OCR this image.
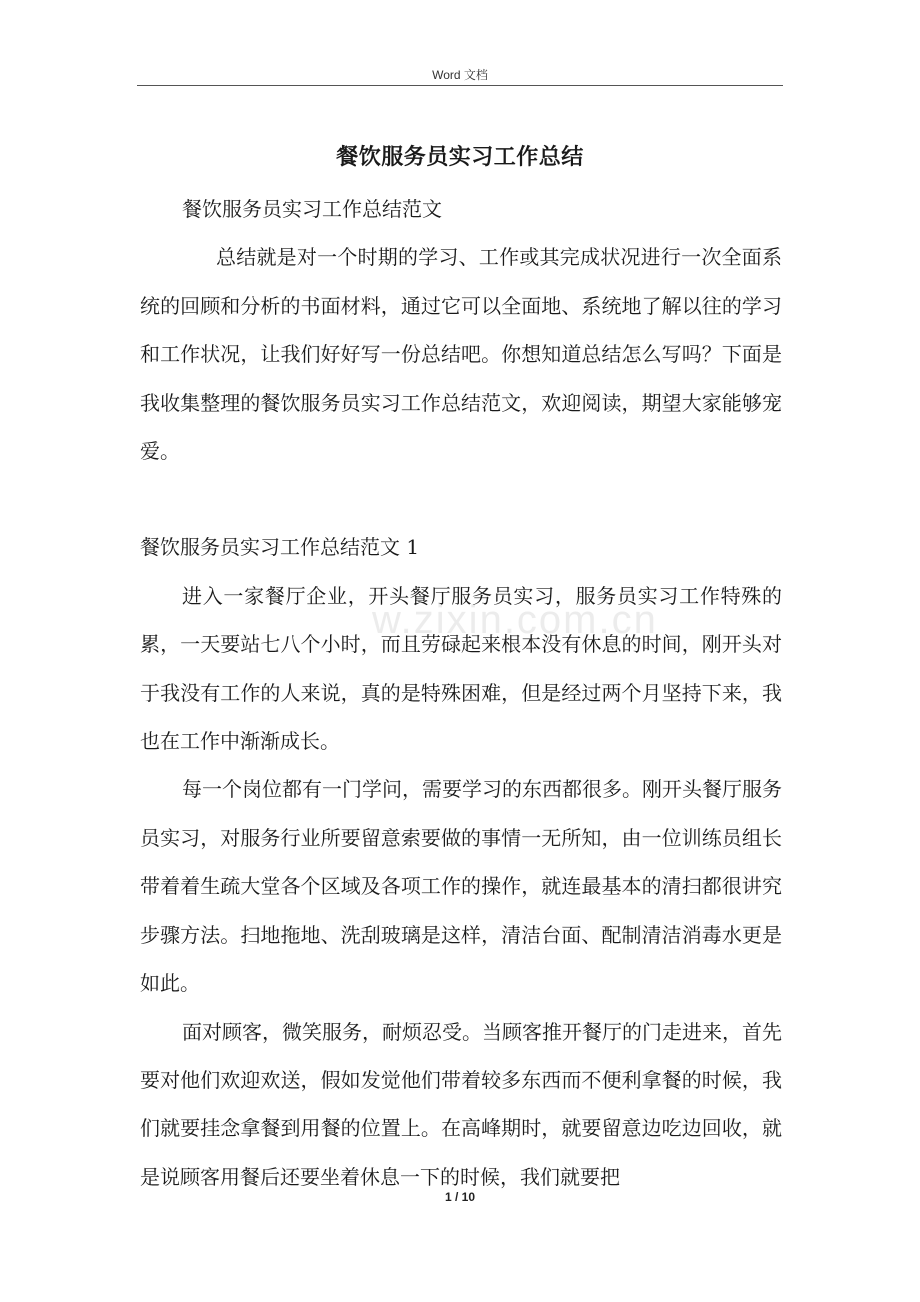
Word 文档
餐饮服务员实习工作总结
w.zixin.com.cn

餐饮服务员实习工作总结范文

总结就是对一个时期的学习、工作或其完成状况进行一次全面系统的回顾和分析的书面材料，通过它可以全面地、系统地了解以往的学习和工作状况，让我们好好写一份总结吧。你想知道总结怎么写吗？下面是我收集整理的餐饮服务员实习工作总结范文，欢迎阅读，期望大家能够宠爱。

餐饮服务员实习工作总结范文 1

进入一家餐厅企业，开头餐厅服务员实习，服务员实习工作特殊的累，一天要站七八个小时，而且劳碌起来根本没有休息的时间，刚开头对于我没有工作的人来说，真的是特殊困难，但是经过两个月坚持下来，我也在工作中渐渐成长。

每一个岗位都有一门学问，需要学习的东西都很多。刚开头餐厅服务员实习，对服务行业所要留意索要做的事情一无所知，由一位训练员组长带着着生疏大堂各个区域及各项工作的操作，就连最基本的清扫都很讲究步骤方法。扫地拖地、洗刮玻璃是这样，清洁台面、配制清洁消毒水更是如此。

面对顾客，微笑服务，耐烦忍受。当顾客推开餐厅的门走进来，首先要对他们欢迎欢送，假如发觉他们带着较多东西而不便利拿餐的时候，我们就要挂念拿餐到用餐的位置上。在高峰期时，就要留意边吃边回收，就是说顾客用餐后还要坐着休息一下的时候，我们就要把

1 / 10
